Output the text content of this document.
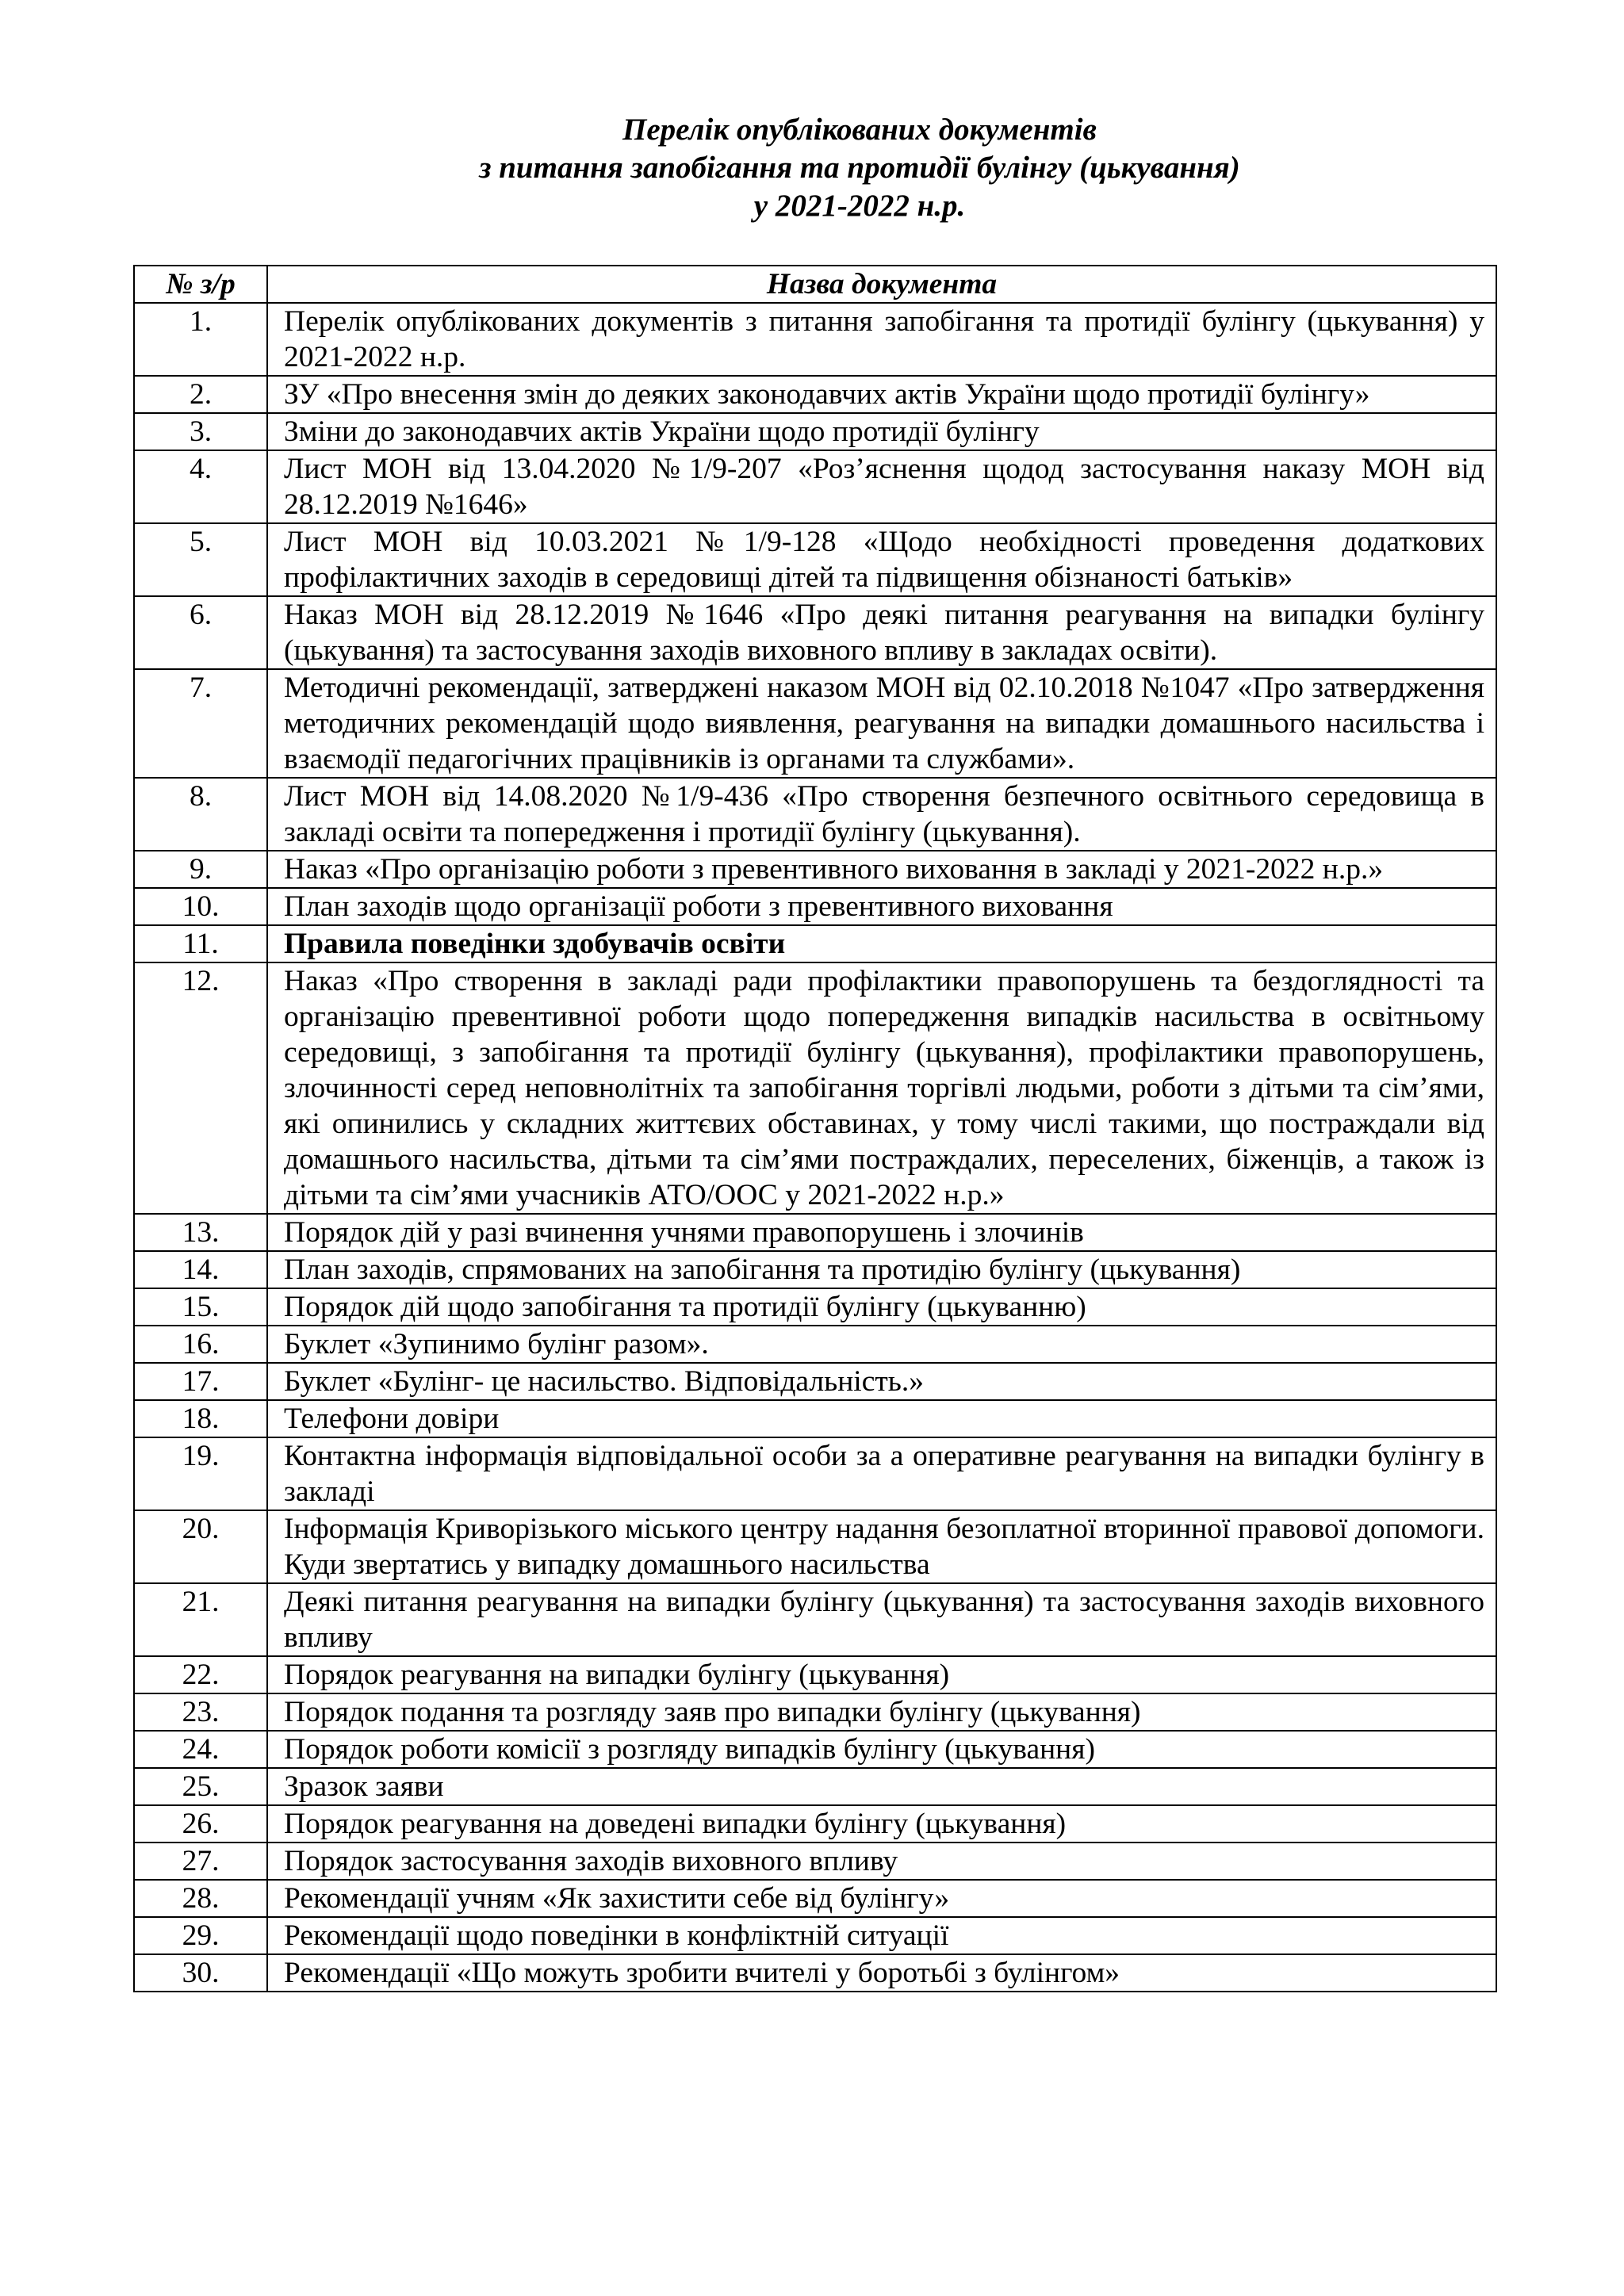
Перелік опублікованих документів
з питання запобігання та протидії булінгу (цькування)
у 2021-2022 н.р.
№ з/р	Назва документа
1.	Перелік опублікованих документів з питання запобігання та протидії булінгу (цькування) у 2021-2022 н.р.
2.	ЗУ «Про внесення змін до деяких законодавчих актів України щодо протидії булінгу»
3.	Зміни до законодавчих актів України щодо протидії булінгу
4.	Лист МОН від 13.04.2020 №1/9-207 «Роз’яснення щодод застосування наказу МОН від 28.12.2019 №1646»
5.	Лист МОН від 10.03.2021 №1/9-128 «Щодо необхідності проведення додаткових профілактичних заходів в середовищі дітей та підвищення обізнаності батьків»
6.	Наказ МОН від 28.12.2019 №1646 «Про деякі питання реагування на випадки булінгу (цькування) та застосування заходів виховного впливу в закладах освіти).
7.	Методичні рекомендації, затверджені наказом МОН від 02.10.2018 №1047 «Про затвердження методичних рекомендацій щодо виявлення, реагування на випадки домашнього насильства і взаємодії педагогічних працівників із органами та службами».
8.	Лист МОН від 14.08.2020 №1/9-436 «Про створення безпечного освітнього середовища в закладі освіти та попередження і протидії булінгу (цькування).
9.	Наказ «Про організацію роботи з превентивного виховання в закладі у 2021-2022 н.р.»
10.	План заходів щодо організації роботи з превентивного виховання
11.	Правила поведінки здобувачів освіти
12.	Наказ «Про створення в закладі ради профілактики правопорушень та бездоглядності та організацію превентивної роботи щодо попередження випадків насильства в освітньому середовищі, з запобігання та протидії булінгу (цькування), профілактики правопорушень, злочинності серед неповнолітніх та запобігання торгівлі людьми, роботи з дітьми та сім’ями, які опинились у складних життєвих обставинах, у тому числі такими, що постраждали від домашнього насильства, дітьми та сім’ями постраждалих, переселених, біженців, а також із дітьми та сім’ями учасників АТО/ООС у 2021-2022 н.р.»
13.	Порядок дій у разі вчинення учнями правопорушень і злочинів
14.	План заходів, спрямованих на запобігання та протидію булінгу (цькування)
15.	Порядок дій щодо запобігання та протидії булінгу (цькуванню)
16.	Буклет «Зупинимо булінг разом».
17.	Буклет «Булінг- це насильство. Відповідальність.»
18.	Телефони довіри
19.	Контактна інформація відповідальної особи за а оперативне реагування на випадки булінгу в закладі
20.	Інформація Криворізького міського центру надання безоплатної вторинної правової допомоги. Куди звертатись у випадку домашнього насильства
21.	Деякі питання реагування на випадки булінгу (цькування) та застосування заходів виховного впливу
22.	Порядок реагування на випадки булінгу (цькування)
23.	Порядок подання та розгляду заяв про випадки булінгу (цькування)
24.	Порядок роботи комісії з розгляду випадків булінгу (цькування)
25.	Зразок заяви
26.	Порядок реагування на доведені випадки булінгу (цькування)
27.	Порядок застосування заходів виховного впливу
28.	Рекомендації учням «Як захистити себе від булінгу»
29.	Рекомендації щодо поведінки в конфліктній ситуації
30.	Рекомендації «Що можуть зробити вчителі у боротьбі з булінгом»
